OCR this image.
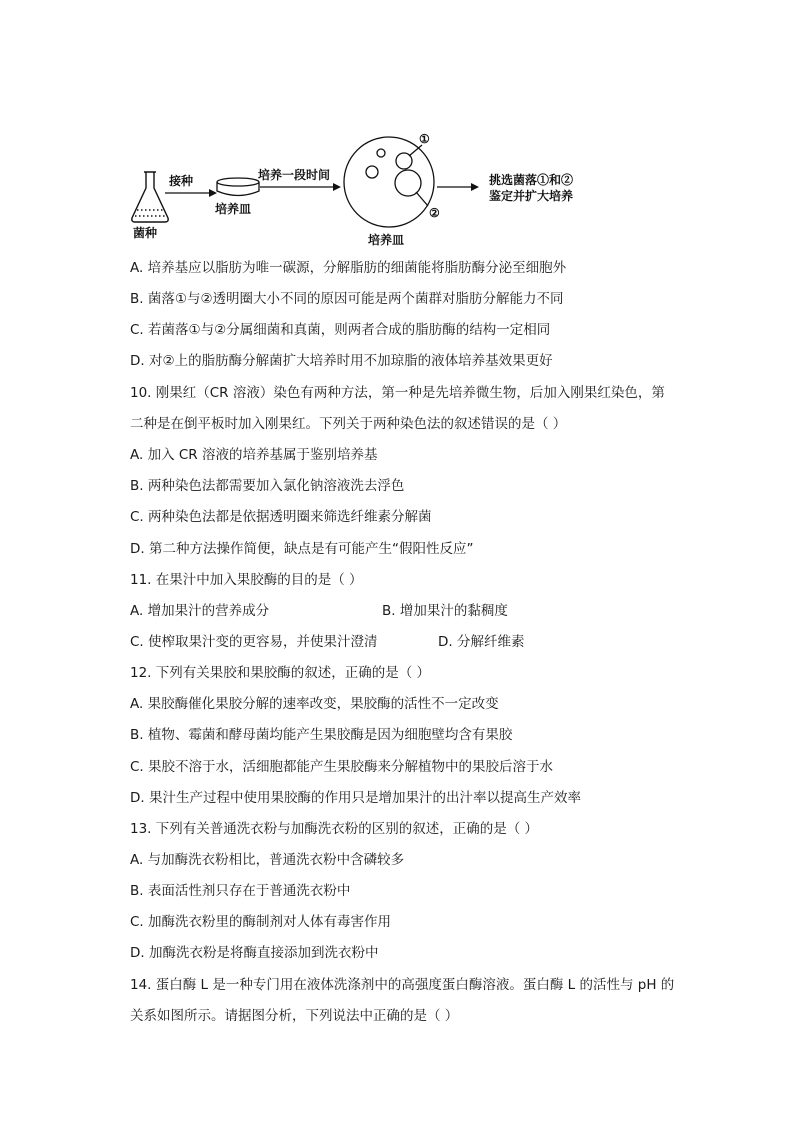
菌种
接种
培养皿
培养一段时间
培养皿
①
②
挑选菌落①和②
鉴定并扩大培养
A. 培养基应以脂肪为唯一碳源，分解脂肪的细菌能将脂肪酶分泌至细胞外
B. 菌落①与②透明圈大小不同的原因可能是两个菌群对脂肪分解能力不同
C. 若菌落①与②分属细菌和真菌，则两者合成的脂肪酶的结构一定相同
D. 对②上的脂肪酶分解菌扩大培养时用不加琼脂的液体培养基效果更好
10. 刚果红（CR 溶液）染色有两种方法，第一种是先培养微生物，后加入刚果红染色，第
二种是在倒平板时加入刚果红。下列关于两种染色法的叙述错误的是（ ）
A. 加入 CR 溶液的培养基属于鉴别培养基
B. 两种染色法都需要加入氯化钠溶液洗去浮色
C. 两种染色法都是依据透明圈来筛选纤维素分解菌
D. 第二种方法操作简便，缺点是有可能产生“假阳性反应”
11. 在果汁中加入果胶酶的目的是（ ）
A. 增加果汁的营养成分	B. 增加果汁的黏稠度
C. 使榨取果汁变的更容易，并使果汁澄清	D. 分解纤维素
12. 下列有关果胶和果胶酶的叙述，正确的是（ ）
A. 果胶酶催化果胶分解的速率改变，果胶酶的活性不一定改变
B. 植物、霉菌和酵母菌均能产生果胶酶是因为细胞壁均含有果胶
C. 果胶不溶于水，活细胞都能产生果胶酶来分解植物中的果胶后溶于水
D. 果汁生产过程中使用果胶酶的作用只是增加果汁的出汁率以提高生产效率
13. 下列有关普通洗衣粉与加酶洗衣粉的区别的叙述，正确的是（ ）
A. 与加酶洗衣粉相比，普通洗衣粉中含磷较多
B. 表面活性剂只存在于普通洗衣粉中
C. 加酶洗衣粉里的酶制剂对人体有毒害作用
D. 加酶洗衣粉是将酶直接添加到洗衣粉中
14. 蛋白酶 L 是一种专门用在液体洗涤剂中的高强度蛋白酶溶液。蛋白酶 L 的活性与 pH 的
关系如图所示。请据图分析，下列说法中正确的是（ ）
